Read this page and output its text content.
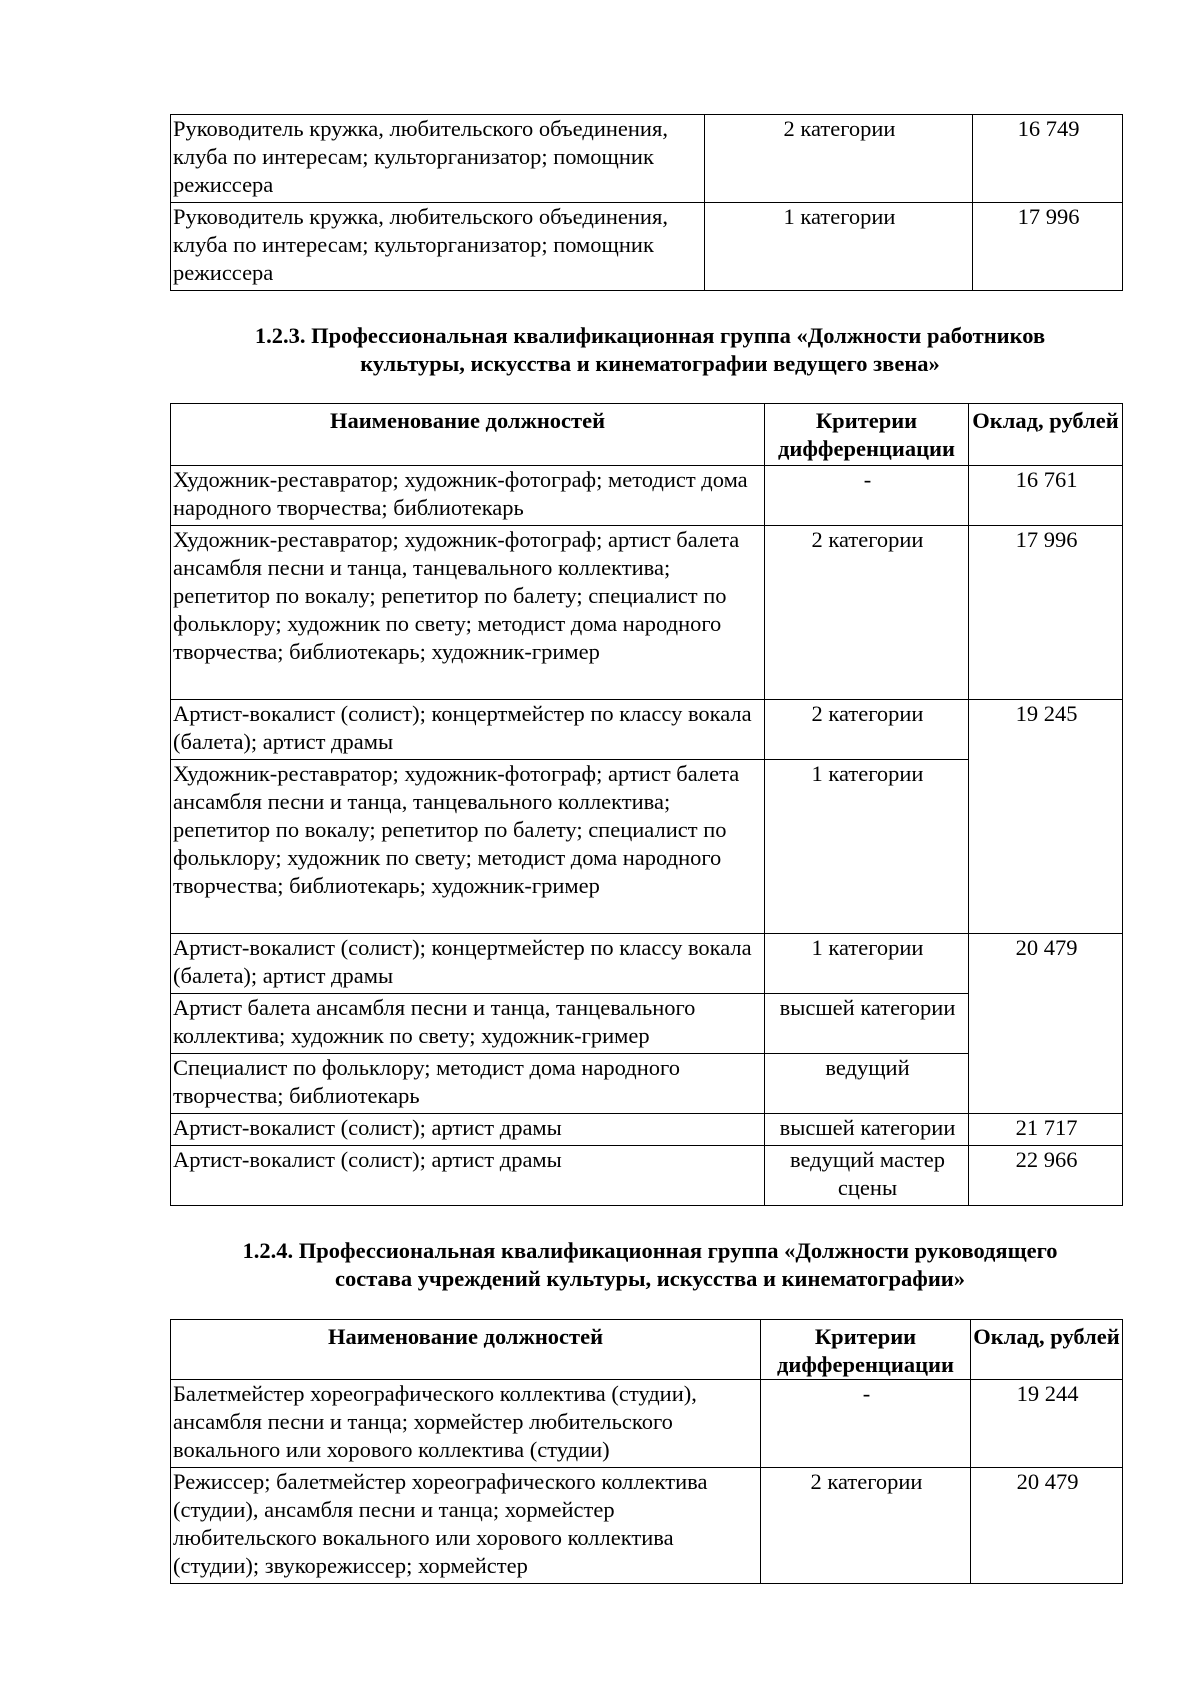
Руководитель кружка, любительского объединения, клуба по интересам; культорганизатор; помощник режиссера	2 категории	16 749
Руководитель кружка, любительского объединения, клуба по интересам; культорганизатор; помощник режиссера	1 категории	17 996
1.2.3. Профессиональная квалификационная группа «Должности работников
культуры, искусства и кинематографии ведущего звена»
Наименование должностей	Критерии дифференциации	Оклад, рублей
Художник-реставратор; художник-фотограф; методист дома народного творчества; библиотекарь	-	16 761
Художник-реставратор; художник-фотограф; артист балета ансамбля песни и танца, танцевального коллектива; репетитор по вокалу; репетитор по балету; специалист по фольклору; художник по свету; методист дома народного творчества; библиотекарь; художник-гример	2 категории	17 996
Артист-вокалист (солист); концертмейстер по классу вокала (балета); артист драмы	2 категории	19 245
Художник-реставратор; художник-фотограф; артист балета ансамбля песни и танца, танцевального коллектива; репетитор по вокалу; репетитор по балету; специалист по фольклору; художник по свету; методист дома народного творчества; библиотекарь; художник-гример	1 категории	
Артист-вокалист (солист); концертмейстер по классу вокала (балета); артист драмы	1 категории	20 479
Артист балета ансамбля песни и танца, танцевального коллектива; художник по свету; художник-гример	высшей категории	
Специалист по фольклору; методист дома народного творчества; библиотекарь	ведущий	
Артист-вокалист (солист); артист драмы	высшей категории	21 717
Артист-вокалист (солист); артист драмы	ведущий мастер сцены	22 966
1.2.4. Профессиональная квалификационная группа «Должности руководящего
состава учреждений культуры, искусства и кинематографии»
Наименование должностей	Критерии дифференциации	Оклад, рублей
Балетмейстер хореографического коллектива (студии), ансамбля песни и танца; хормейстер любительского вокального или хорового коллектива (студии)	-	19 244
Режиссер; балетмейстер хореографического коллектива (студии), ансамбля песни и танца; хормейстер любительского вокального или хорового коллектива (студии); звукорежиссер; хормейстер	2 категории	20 479
